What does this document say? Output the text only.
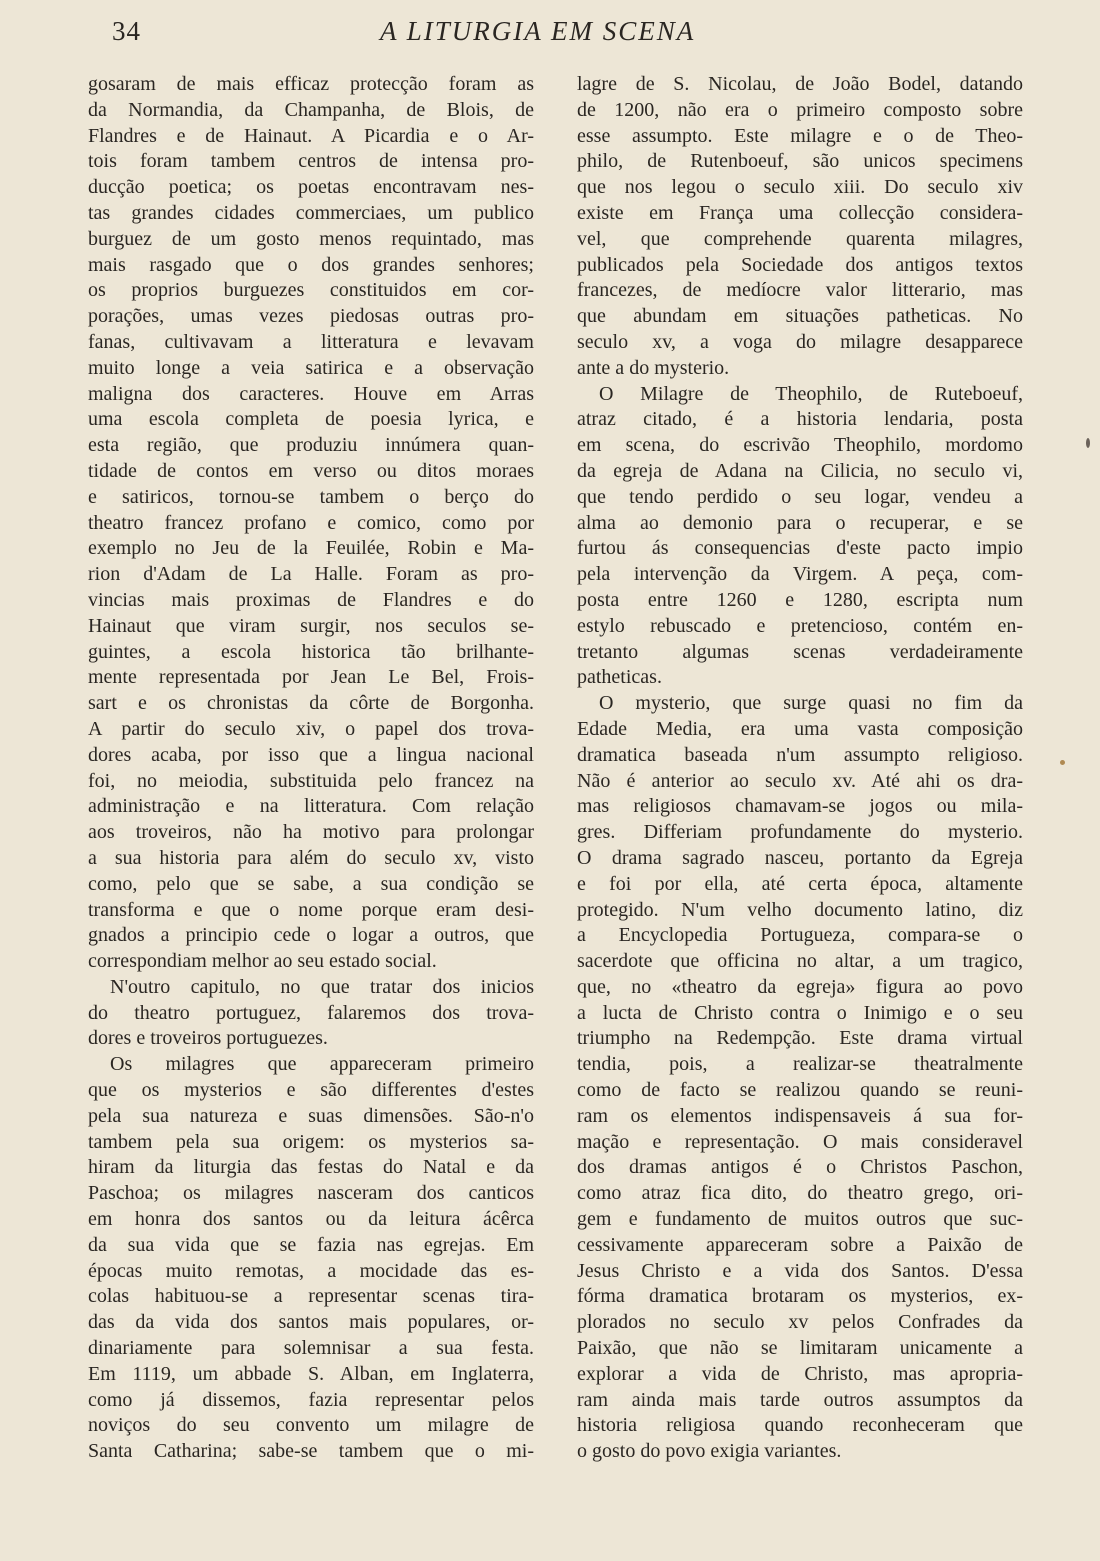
34	A LITURGIA EM SCENA
gosaram de mais efficaz protecção foram as
da Normandia, da Champanha, de Blois, de
Flandres e de Hainaut. A Picardia e o Ar-
tois foram tambem centros de intensa pro-
ducção poetica; os poetas encontravam nes-
tas grandes cidades commerciaes, um publico
burguez de um gosto menos requintado, mas
mais rasgado que o dos grandes senhores;
os proprios burguezes constituidos em cor-
porações, umas vezes piedosas outras pro-
fanas, cultivavam a litteratura e levavam
muito longe a veia satirica e a observação
maligna dos caracteres. Houve em Arras
uma escola completa de poesia lyrica, e
esta região, que produziu innúmera quan-
tidade de contos em verso ou ditos moraes
e satiricos, tornou-se tambem o berço do
theatro francez profano e comico, como por
exemplo no Jeu de la Feuilée, Robin e Ma-
rion d'Adam de La Halle. Foram as pro-
vincias mais proximas de Flandres e do
Hainaut que viram surgir, nos seculos se-
guintes, a escola historica tão brilhante-
mente representada por Jean Le Bel, Frois-
sart e os chronistas da côrte de Borgonha.
A partir do seculo xiv, o papel dos trova-
dores acaba, por isso que a lingua nacional
foi, no meiodia, substituida pelo francez na
administração e na litteratura. Com relação
aos troveiros, não ha motivo para prolongar
a sua historia para além do seculo xv, visto
como, pelo que se sabe, a sua condição se
transforma e que o nome porque eram desi-
gnados a principio cede o logar a outros, que
correspondiam melhor ao seu estado social.
N'outro capitulo, no que tratar dos inicios
do theatro portuguez, falaremos dos trova-
dores e troveiros portuguezes.
Os milagres que appareceram primeiro
que os mysterios e são differentes d'estes
pela sua natureza e suas dimensões. São-n'o
tambem pela sua origem: os mysterios sa-
hiram da liturgia das festas do Natal e da
Paschoa; os milagres nasceram dos canticos
em honra dos santos ou da leitura ácêrca
da sua vida que se fazia nas egrejas. Em
épocas muito remotas, a mocidade das es-
colas habituou-se a representar scenas tira-
das da vida dos santos mais populares, or-
dinariamente para solemnisar a sua festa.
Em 1119, um abbade S. Alban, em Inglaterra,
como já dissemos, fazia representar pelos
noviços do seu convento um milagre de
Santa Catharina; sabe-se tambem que o mi-
lagre de S. Nicolau, de João Bodel, datando
de 1200, não era o primeiro composto sobre
esse assumpto. Este milagre e o de Theo-
philo, de Rutenboeuf, são unicos specimens
que nos legou o seculo xiii. Do seculo xiv
existe em França uma collecção considera-
vel, que comprehende quarenta milagres,
publicados pela Sociedade dos antigos textos
francezes, de medíocre valor litterario, mas
que abundam em situações patheticas. No
seculo xv, a voga do milagre desapparece
ante a do mysterio.
O Milagre de Theophilo, de Ruteboeuf,
atraz citado, é a historia lendaria, posta
em scena, do escrivão Theophilo, mordomo
da egreja de Adana na Cilicia, no seculo vi,
que tendo perdido o seu logar, vendeu a
alma ao demonio para o recuperar, e se
furtou ás consequencias d'este pacto impio
pela intervenção da Virgem. A peça, com-
posta entre 1260 e 1280, escripta num
estylo rebuscado e pretencioso, contém en-
tretanto algumas scenas verdadeiramente
patheticas.
O mysterio, que surge quasi no fim da
Edade Media, era uma vasta composição
dramatica baseada n'um assumpto religioso.
Não é anterior ao seculo xv. Até ahi os dra-
mas religiosos chamavam-se jogos ou mila-
gres. Differiam profundamente do mysterio.
O drama sagrado nasceu, portanto da Egreja
e foi por ella, até certa época, altamente
protegido. N'um velho documento latino, diz
a Encyclopedia Portugueza, compara-se o
sacerdote que officina no altar, a um tragico,
que, no «theatro da egreja» figura ao povo
a lucta de Christo contra o Inimigo e o seu
triumpho na Redempção. Este drama virtual
tendia, pois, a realizar-se theatralmente
como de facto se realizou quando se reuni-
ram os elementos indispensaveis á sua for-
mação e representação. O mais consideravel
dos dramas antigos é o Christos Paschon,
como atraz fica dito, do theatro grego, ori-
gem e fundamento de muitos outros que suc-
cessivamente appareceram sobre a Paixão de
Jesus Christo e a vida dos Santos. D'essa
fórma dramatica brotaram os mysterios, ex-
plorados no seculo xv pelos Confrades da
Paixão, que não se limitaram unicamente a
explorar a vida de Christo, mas apropria-
ram ainda mais tarde outros assumptos da
historia religiosa quando reconheceram que
o gosto do povo exigia variantes.
